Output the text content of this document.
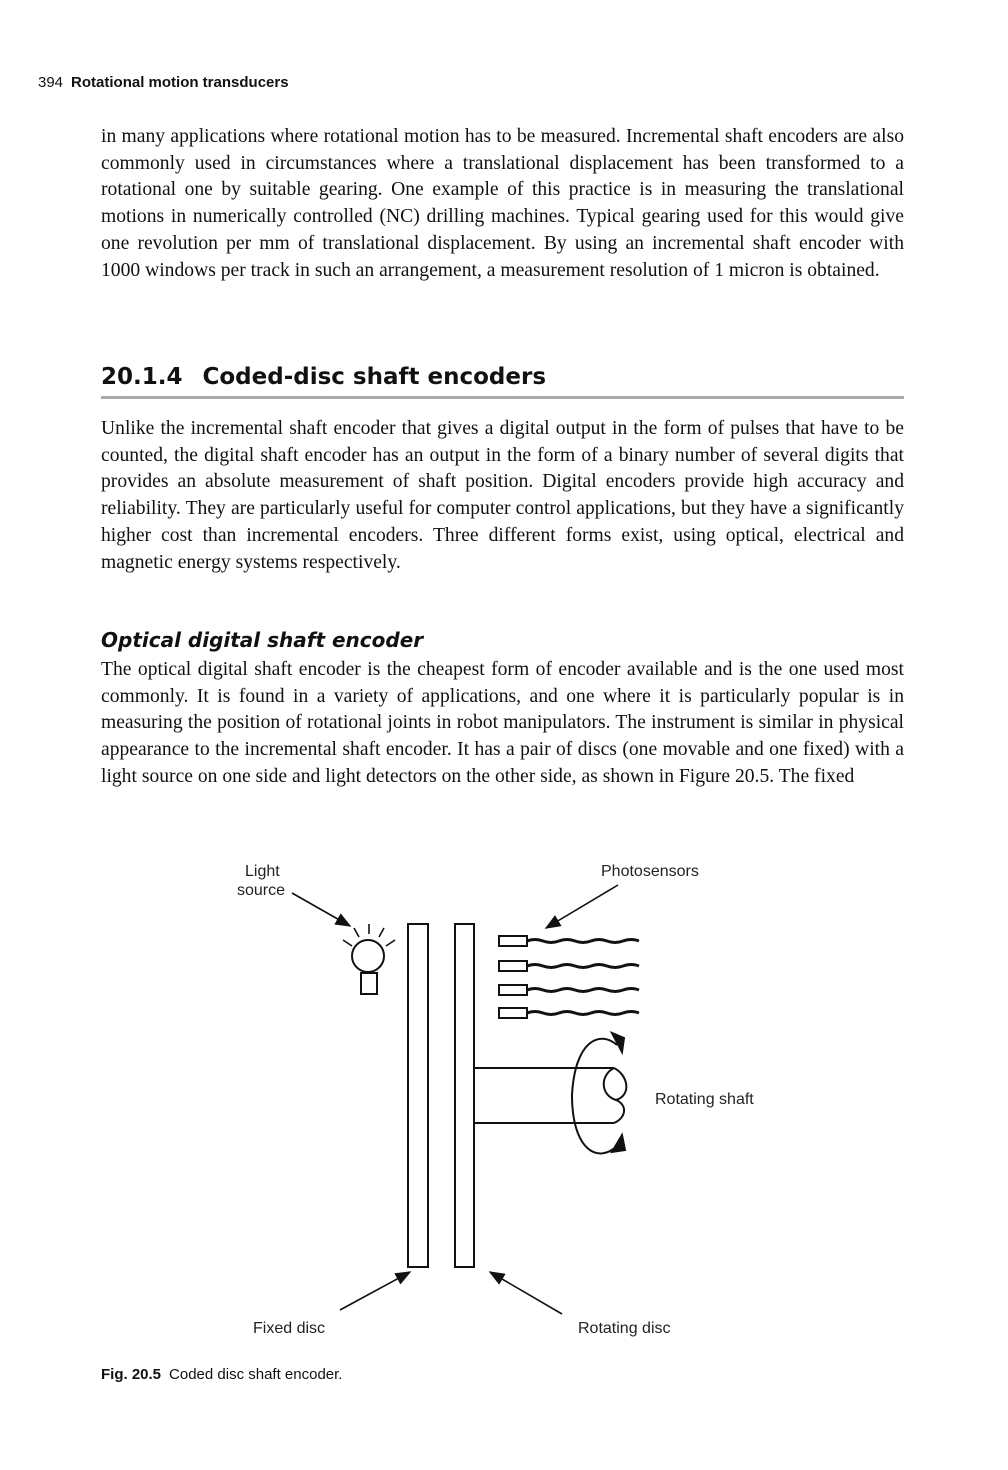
394 Rotational motion transducers

in many applications where rotational motion has to be measured. Incremental shaft encoders are also commonly used in circumstances where a translational displacement has been transformed to a rotational one by suitable gearing. One example of this practice is in measuring the translational motions in numerically controlled (NC) drilling machines. Typical gearing used for this would give one revolution per mm of translational displacement. By using an incremental shaft encoder with 1000 windows per track in such an arrangement, a measurement resolution of 1 micron is obtained.

20.1.4 Coded-disc shaft encoders

Unlike the incremental shaft encoder that gives a digital output in the form of pulses that have to be counted, the digital shaft encoder has an output in the form of a binary number of several digits that provides an absolute measurement of shaft position. Digital encoders provide high accuracy and reliability. They are particularly useful for computer control applications, but they have a significantly higher cost than incremental encoders. Three different forms exist, using optical, electrical and magnetic energy systems respectively.

Optical digital shaft encoder

The optical digital shaft encoder is the cheapest form of encoder available and is the one used most commonly. It is found in a variety of applications, and one where it is particularly popular is in measuring the position of rotational joints in robot manipulators. The instrument is similar in physical appearance to the incremental shaft encoder. It has a pair of discs (one movable and one fixed) with a light source on one side and light detectors on the other side, as shown in Figure 20.5. The fixed

Light
source
Photosensors
Rotating shaft
Fixed disc	Rotating disc
Fig. 20.5 Coded disc shaft encoder.
